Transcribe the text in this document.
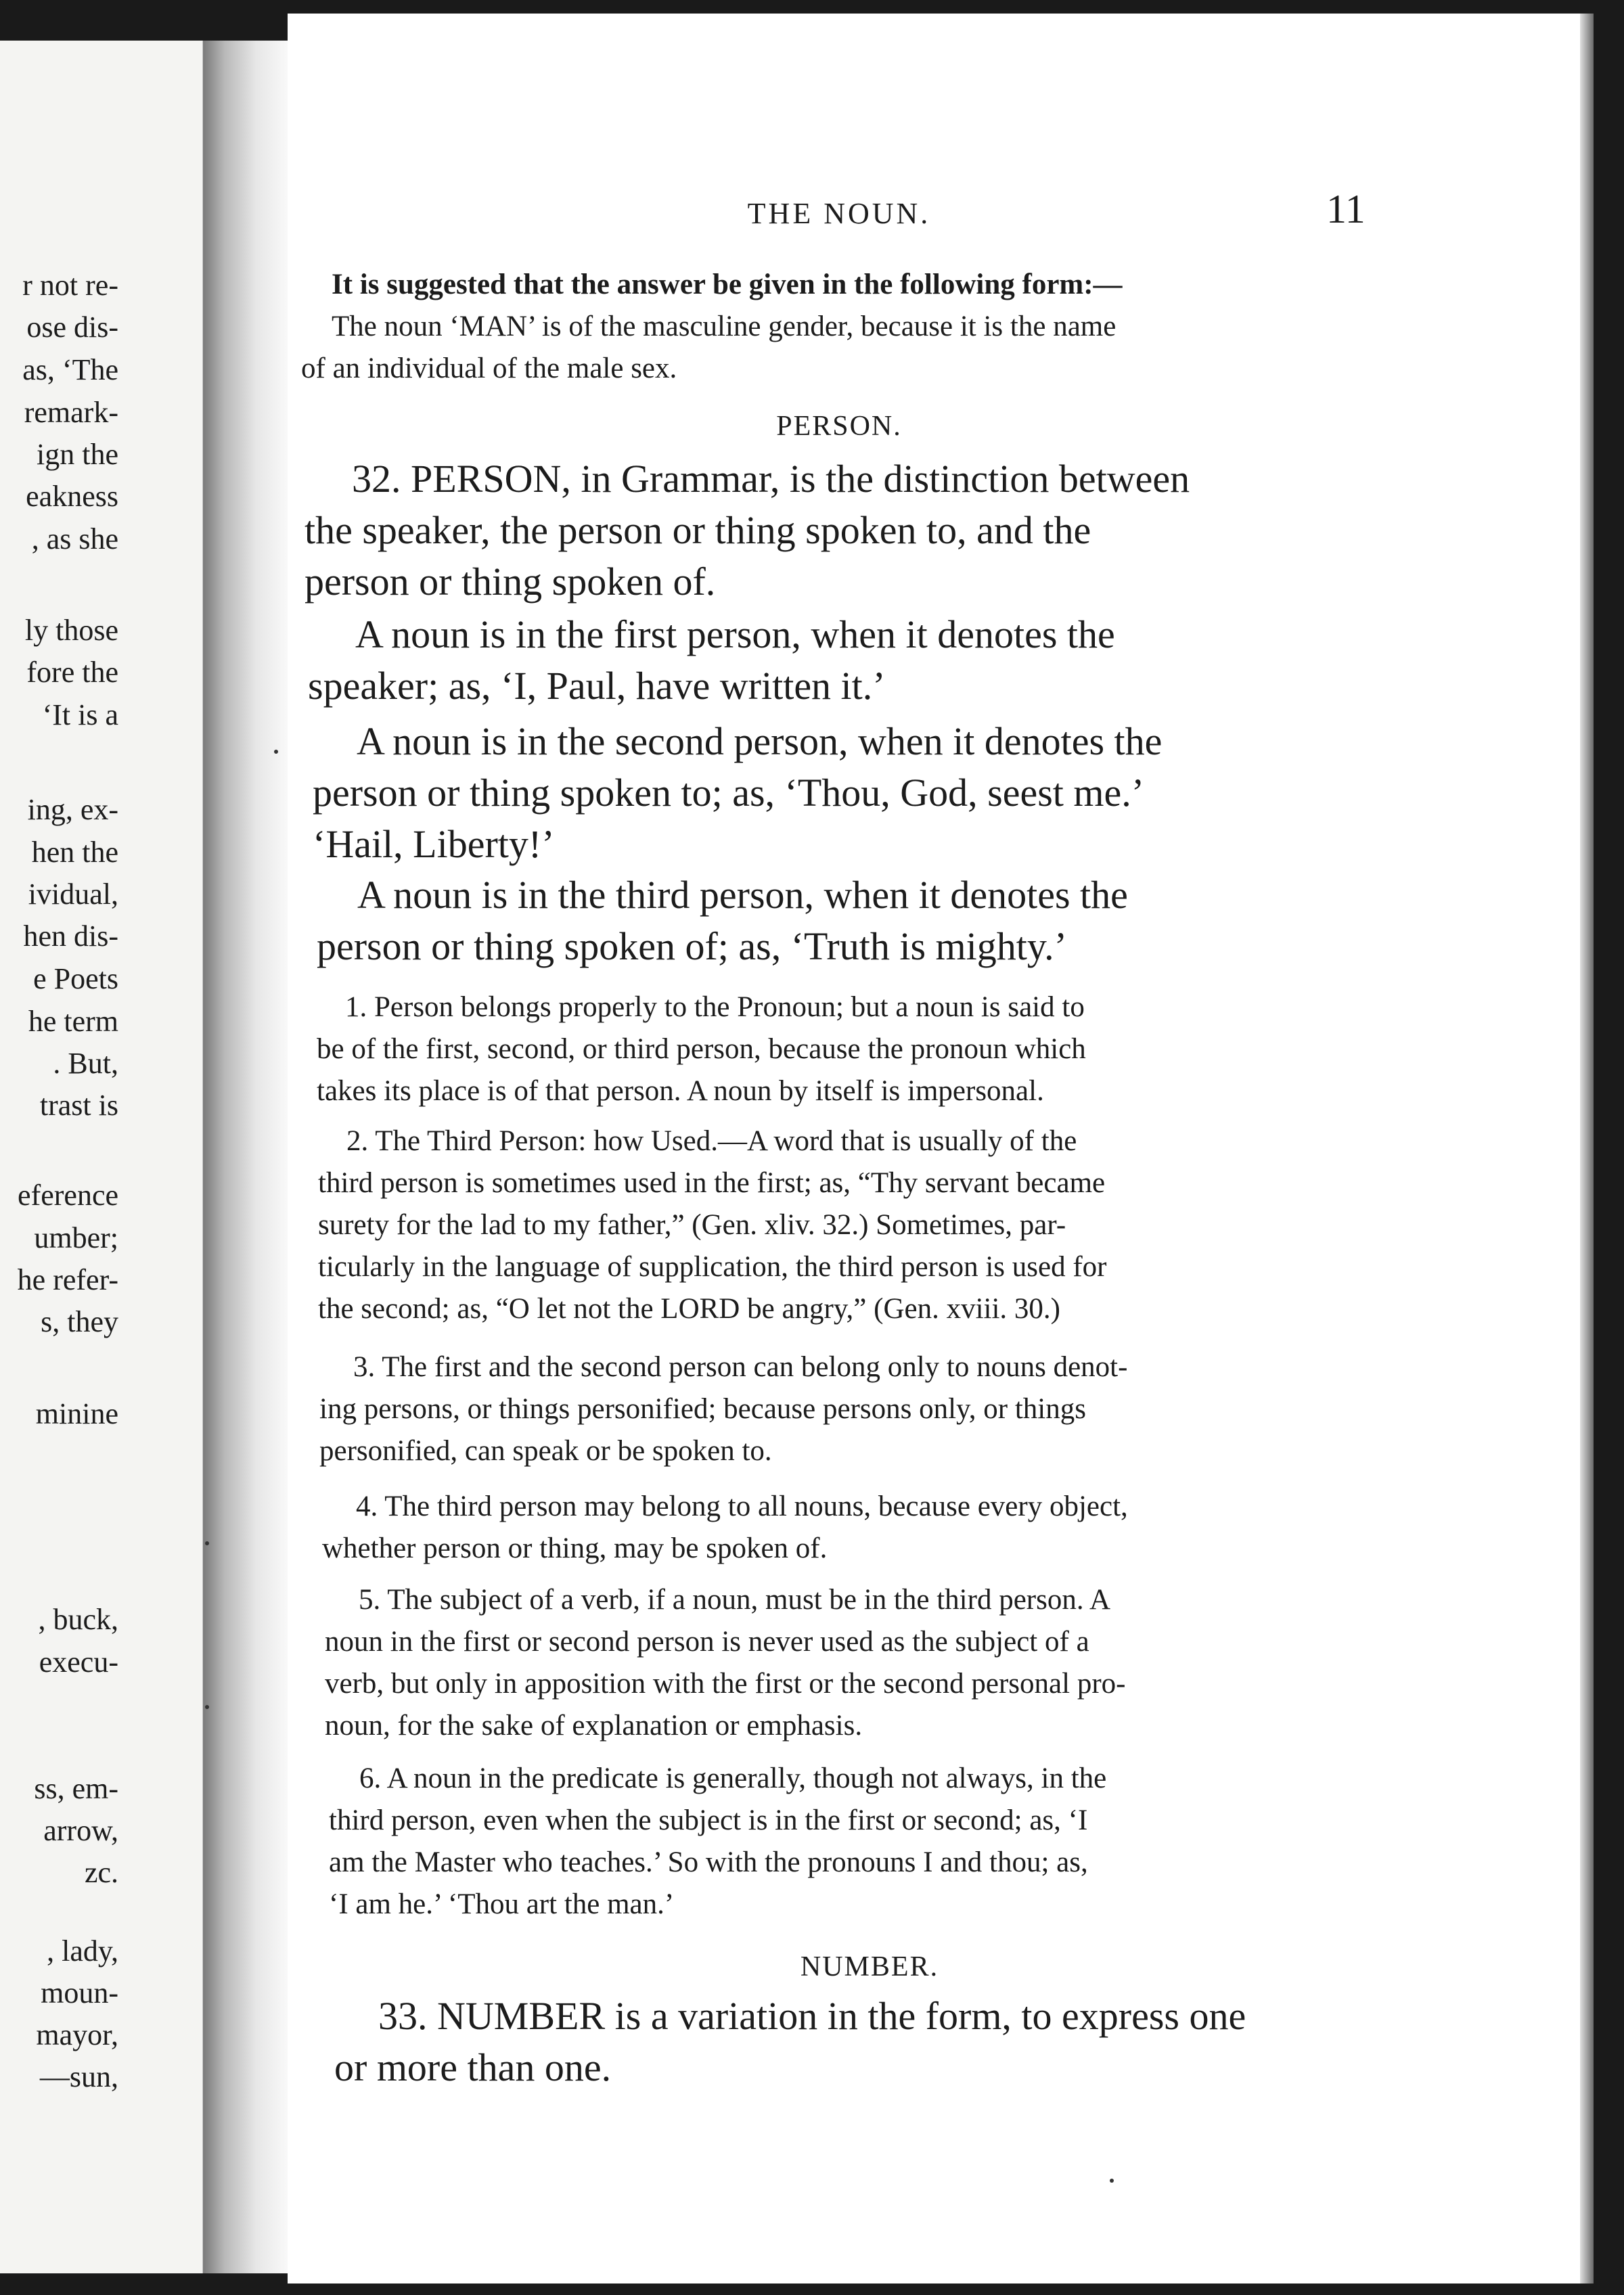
r not re-
ose dis-
as, ‘The
remark-
ign the
eakness
, as she
ly those
fore the
‘It is a
ing, ex-
hen the
ividual,
hen dis-
e Poets
he term
. But,
trast is
eference
umber;
he refer-
s, they
minine
, buck,
execu-
ss, em-
arrow,
zc.
, lady,
moun-
mayor,
—sun,
THE NOUN.	11

It is suggested that the answer be given in the following form:—

The noun ‘MAN’ is of the masculine gender, because it is the name

of an individual of the male sex.

PERSON.

32. PERSON, in Grammar, is the distinction between

the speaker, the person or thing spoken to, and the

person or thing spoken of.

A noun is in the first person, when it denotes the

speaker; as, ‘I, Paul, have written it.’

A noun is in the second person, when it denotes the

person or thing spoken to; as, ‘Thou, God, seest me.’

‘Hail, Liberty!’

A noun is in the third person, when it denotes the

person or thing spoken of; as, ‘Truth is mighty.’

1. Person belongs properly to the Pronoun; but a noun is said to

be of the first, second, or third person, because the pronoun which

takes its place is of that person. A noun by itself is impersonal.

2. The Third Person: how Used.—A word that is usually of the

third person is sometimes used in the first; as, “Thy servant became

surety for the lad to my father,” (Gen. xliv. 32.) Sometimes, par-

ticularly in the language of supplication, the third person is used for

the second; as, “O let not the LORD be angry,” (Gen. xviii. 30.)

3. The first and the second person can belong only to nouns denot-

ing persons, or things personified; because persons only, or things

personified, can speak or be spoken to.

4. The third person may belong to all nouns, because every object,

whether person or thing, may be spoken of.

5. The subject of a verb, if a noun, must be in the third person. A

noun in the first or second person is never used as the subject of a

verb, but only in apposition with the first or the second personal pro-

noun, for the sake of explanation or emphasis.

6. A noun in the predicate is generally, though not always, in the

third person, even when the subject is in the first or second; as, ‘I

am the Master who teaches.’ So with the pronouns I and thou; as,

‘I am he.’ ‘Thou art the man.’

NUMBER.

33. NUMBER is a variation in the form, to express one

or more than one.
